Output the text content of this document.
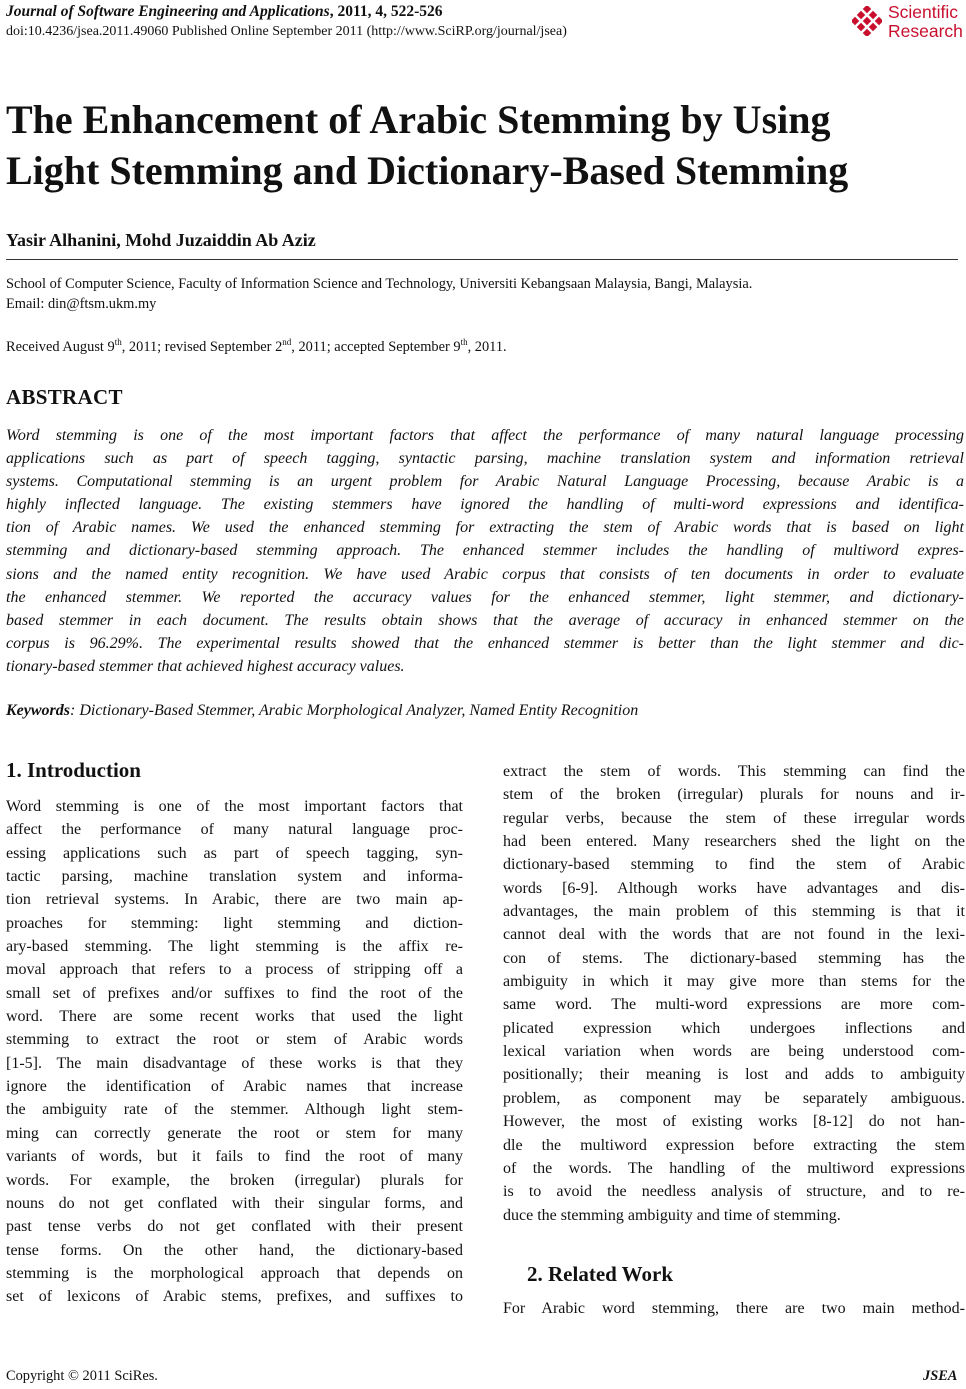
Journal of Software Engineering and Applications, 2011, 4, 522-526
doi:10.4236/jsea.2011.49060 Published Online September 2011 (http://www.SciRP.org/journal/jsea)
Scientific
Research
The Enhancement of Arabic Stemming by Using
Light Stemming and Dictionary-Based Stemming
Yasir Alhanini, Mohd Juzaiddin Ab Aziz
School of Computer Science, Faculty of Information Science and Technology, Universiti Kebangsaan Malaysia, Bangi, Malaysia.
Email: din@ftsm.ukm.my
Received August 9th, 2011; revised September 2nd, 2011; accepted September 9th, 2011.
ABSTRACT
Word stemming is one of the most important factors that affect the performance of many natural language processing
applications such as part of speech tagging, syntactic parsing, machine translation system and information retrieval
systems. Computational stemming is an urgent problem for Arabic Natural Language Processing, because Arabic is a
highly inflected language. The existing stemmers have ignored the handling of multi-word expressions and identifica-
tion of Arabic names. We used the enhanced stemming for extracting the stem of Arabic words that is based on light
stemming and dictionary-based stemming approach. The enhanced stemmer includes the handling of multiword expres-
sions and the named entity recognition. We have used Arabic corpus that consists of ten documents in order to evaluate
the enhanced stemmer. We reported the accuracy values for the enhanced stemmer, light stemmer, and dictionary-
based stemmer in each document. The results obtain shows that the average of accuracy in enhanced stemmer on the
corpus is 96.29%. The experimental results showed that the enhanced stemmer is better than the light stemmer and dic-
tionary-based stemmer that achieved highest accuracy values.
Keywords: Dictionary-Based Stemmer, Arabic Morphological Analyzer, Named Entity Recognition
1. Introduction
Word stemming is one of the most important factors that
affect the performance of many natural language proc-
essing applications such as part of speech tagging, syn-
tactic parsing, machine translation system and informa-
tion retrieval systems. In Arabic, there are two main ap-
proaches for stemming: light stemming and diction-
ary-based stemming. The light stemming is the affix re-
moval approach that refers to a process of stripping off a
small set of prefixes and/or suffixes to find the root of the
word. There are some recent works that used the light
stemming to extract the root or stem of Arabic words
[1-5]. The main disadvantage of these works is that they
ignore the identification of Arabic names that increase
the ambiguity rate of the stemmer. Although light stem-
ming can correctly generate the root or stem for many
variants of words, but it fails to find the root of many
words. For example, the broken (irregular) plurals for
nouns do not get conflated with their singular forms, and
past tense verbs do not get conflated with their present
tense forms. On the other hand, the dictionary-based
stemming is the morphological approach that depends on
set of lexicons of Arabic stems, prefixes, and suffixes to
extract the stem of words. This stemming can find the
stem of the broken (irregular) plurals for nouns and ir-
regular verbs, because the stem of these irregular words
had been entered. Many researchers shed the light on the
dictionary-based stemming to find the stem of Arabic
words [6-9]. Although works have advantages and dis-
advantages, the main problem of this stemming is that it
cannot deal with the words that are not found in the lexi-
con of stems. The dictionary-based stemming has the
ambiguity in which it may give more than stems for the
same word. The multi-word expressions are more com-
plicated expression which undergoes inflections and
lexical variation when words are being understood com-
positionally; their meaning is lost and adds to ambiguity
problem, as component may be separately ambiguous.
However, the most of existing works [8-12] do not han-
dle the multiword expression before extracting the stem
of the words. The handling of the multiword expressions
is to avoid the needless analysis of structure, and to re-
duce the stemming ambiguity and time of stemming.
2. Related Work
For Arabic word stemming, there are two main method-
Copyright © 2011 SciRes.	JSEA
